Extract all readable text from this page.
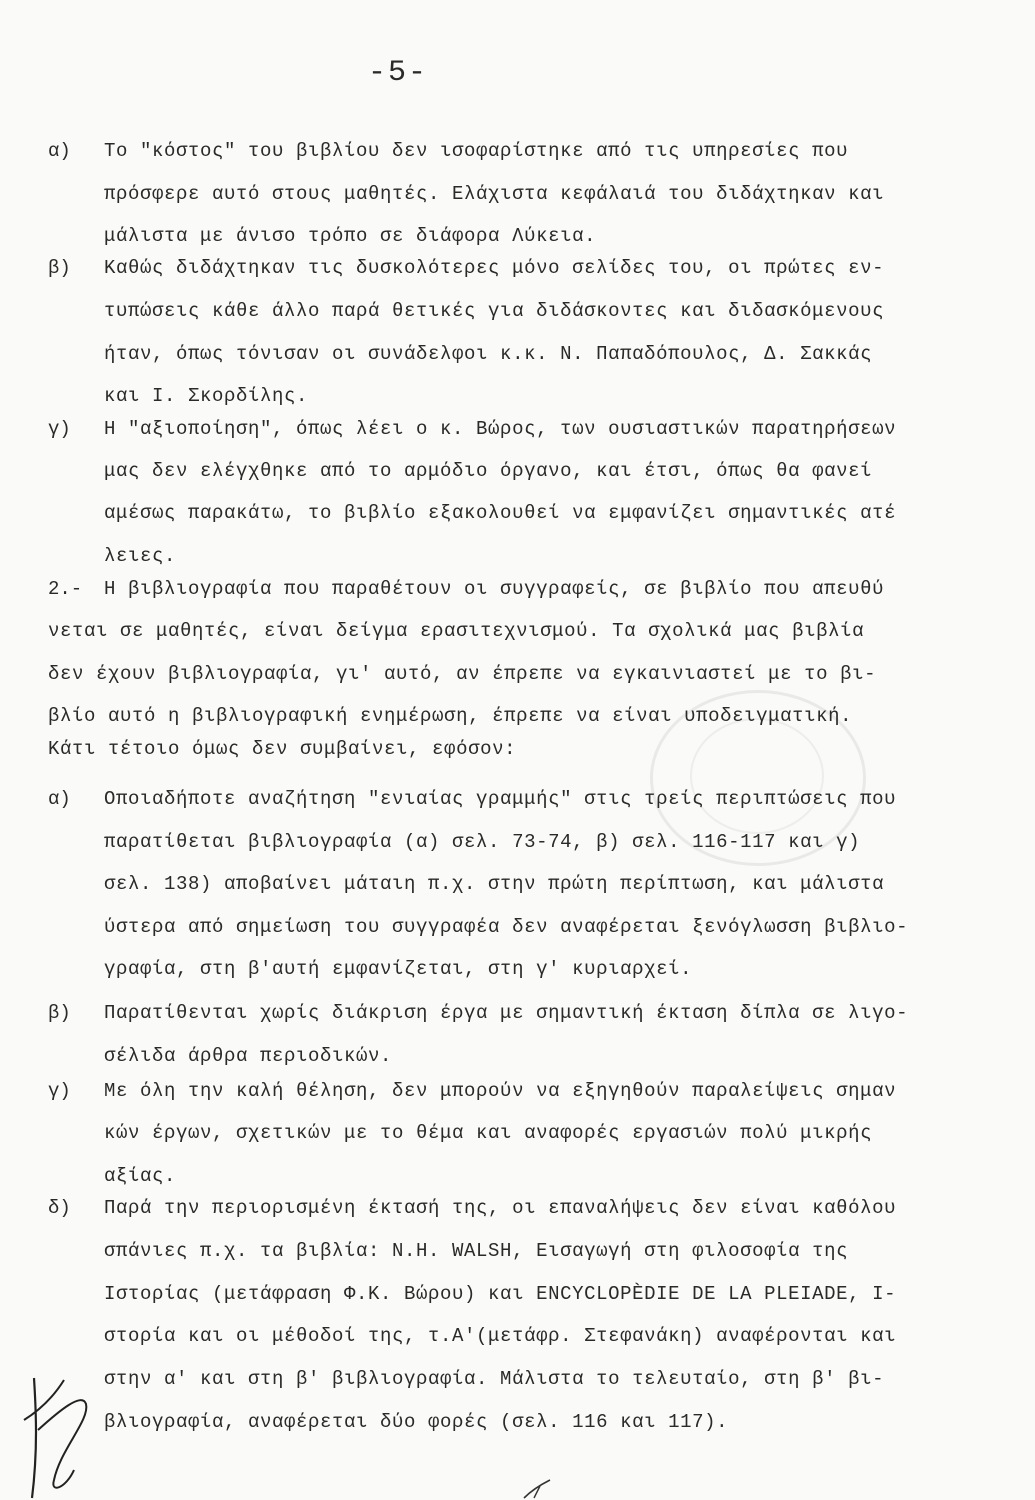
-5-
α) Το "κόστος" του βιβλίου δεν ισοφαρίστηκε από τις υπηρεσίες που
πρόσφερε αυτό στους μαθητές. Ελάχιστα κεφάλαιά του διδάχτηκαν και
μάλιστα με άνισο τρόπο σε διάφορα Λύκεια.
β) Καθώς διδάχτηκαν τις δυσκολότερες μόνο σελίδες του, οι πρώτες εν-
τυπώσεις κάθε άλλο παρά θετικές για διδάσκοντες και διδασκόμενους
ήταν, όπως τόνισαν οι συνάδελφοι κ.κ. Ν. Παπαδόπουλος, Δ. Σακκάς
και Ι. Σκορδίλης.
γ) Η "αξιοποίηση", όπως λέει ο κ. Βώρος, των ουσιαστικών παρατηρήσεων
μας δεν ελέγχθηκε από το αρμόδιο όργανο, και έτσι, όπως θα φανεί
αμέσως παρακάτω, το βιβλίο εξακολουθεί να εμφανίζει σημαντικές ατέ
λειες.
2.- Η βιβλιογραφία που παραθέτουν οι συγγραφείς, σε βιβλίο που απευθύ
νεται σε μαθητές, είναι δείγμα ερασιτεχνισμού. Τα σχολικά μας βιβλία
δεν έχουν βιβλιογραφία, γι' αυτό, αν έπρεπε να εγκαινιαστεί με το βι-
βλίο αυτό η βιβλιογραφική ενημέρωση, έπρεπε να είναι υποδειγματική.
Κάτι τέτοιο όμως δεν συμβαίνει, εφόσον:
α) Οποιαδήποτε αναζήτηση "ενιαίας γραμμής" στις τρείς περιπτώσεις που
παρατίθεται βιβλιογραφία (α) σελ. 73-74, β) σελ. 116-117 και γ)
σελ. 138) αποβαίνει μάταιη π.χ. στην πρώτη περίπτωση, και μάλιστα
ύστερα από σημείωση του συγγραφέα δεν αναφέρεται ξενόγλωσση βιβλιο-
γραφία, στη β'αυτή εμφανίζεται, στη γ' κυριαρχεί.
β) Παρατίθενται χωρίς διάκριση έργα με σημαντική έκταση δίπλα σε λιγο-
σέλιδα άρθρα περιοδικών.
γ) Με όλη την καλή θέληση, δεν μπορούν να εξηγηθούν παραλείψεις σημαν
κών έργων, σχετικών με το θέμα και αναφορές εργασιών πολύ μικρής
αξίας.
δ) Παρά την περιορισμένη έκτασή της, οι επαναλήψεις δεν είναι καθόλου
σπάνιες π.χ. τα βιβλία: N.H. WALSH, Εισαγωγή στη φιλοσοφία της
Ιστορίας (μετάφραση Φ.Κ. Βώρου) και ENCYCLOPÈDIE DE LA PLEIADE, Ι-
στορία και οι μέθοδοί της, τ.Α'(μετάφρ. Στεφανάκη) αναφέρονται και
στην α' και στη β' βιβλιογραφία. Μάλιστα το τελευταίο, στη β' βι-
βλιογραφία, αναφέρεται δύο φορές (σελ. 116 και 117).
